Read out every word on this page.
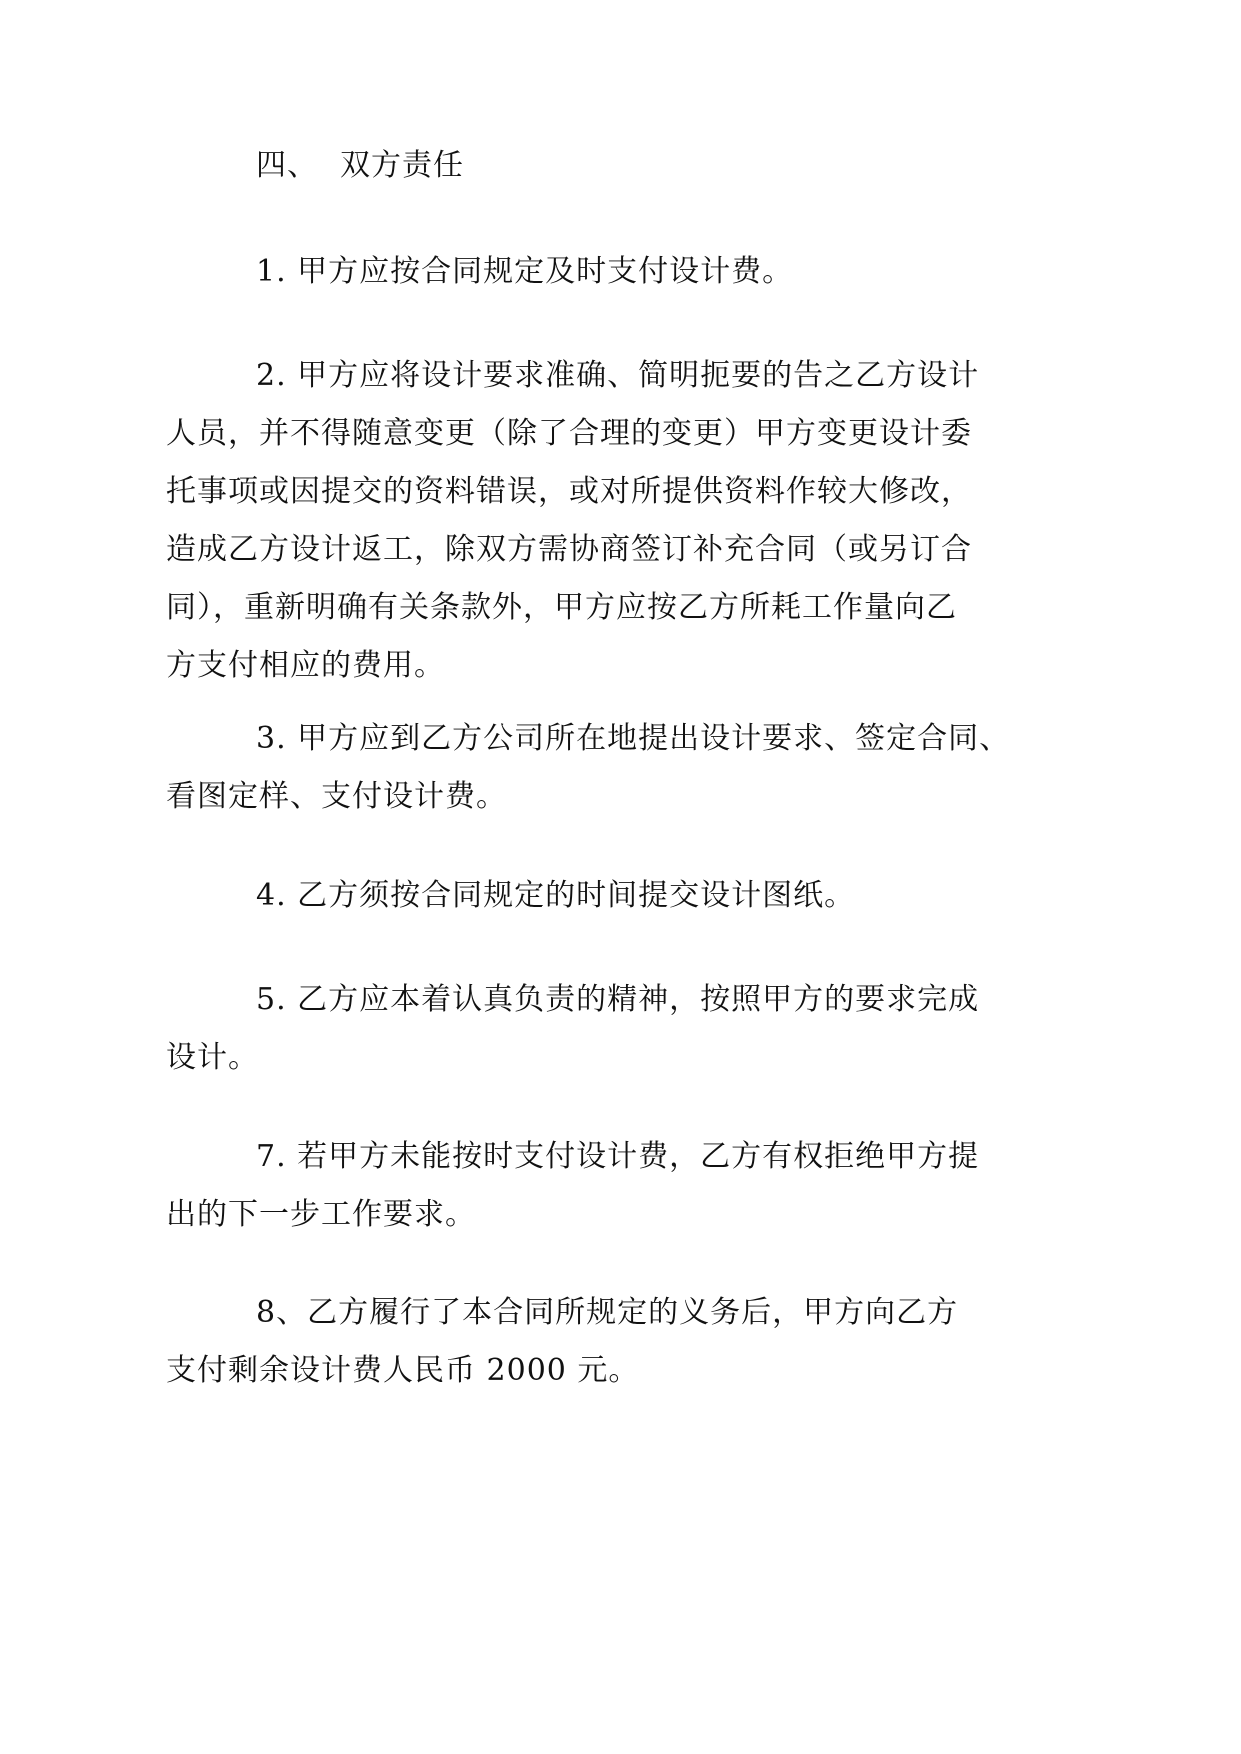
四、 双方责任
1. 甲方应按合同规定及时支付设计费。
2. 甲方应将设计要求准确、简明扼要的告之乙方设计
人员，并不得随意变更（除了合理的变更）甲方变更设计委
托事项或因提交的资料错误，或对所提供资料作较大修改，
造成乙方设计返工，除双方需协商签订补充合同（或另订合
同），重新明确有关条款外，甲方应按乙方所耗工作量向乙
方支付相应的费用。
3. 甲方应到乙方公司所在地提出设计要求、签定合同、
看图定样、支付设计费。
4. 乙方须按合同规定的时间提交设计图纸。
5. 乙方应本着认真负责的精神，按照甲方的要求完成
设计。
7. 若甲方未能按时支付设计费，乙方有权拒绝甲方提
出的下一步工作要求。
8、乙方履行了本合同所规定的义务后，甲方向乙方
支付剩余设计费人民币 2000 元。
